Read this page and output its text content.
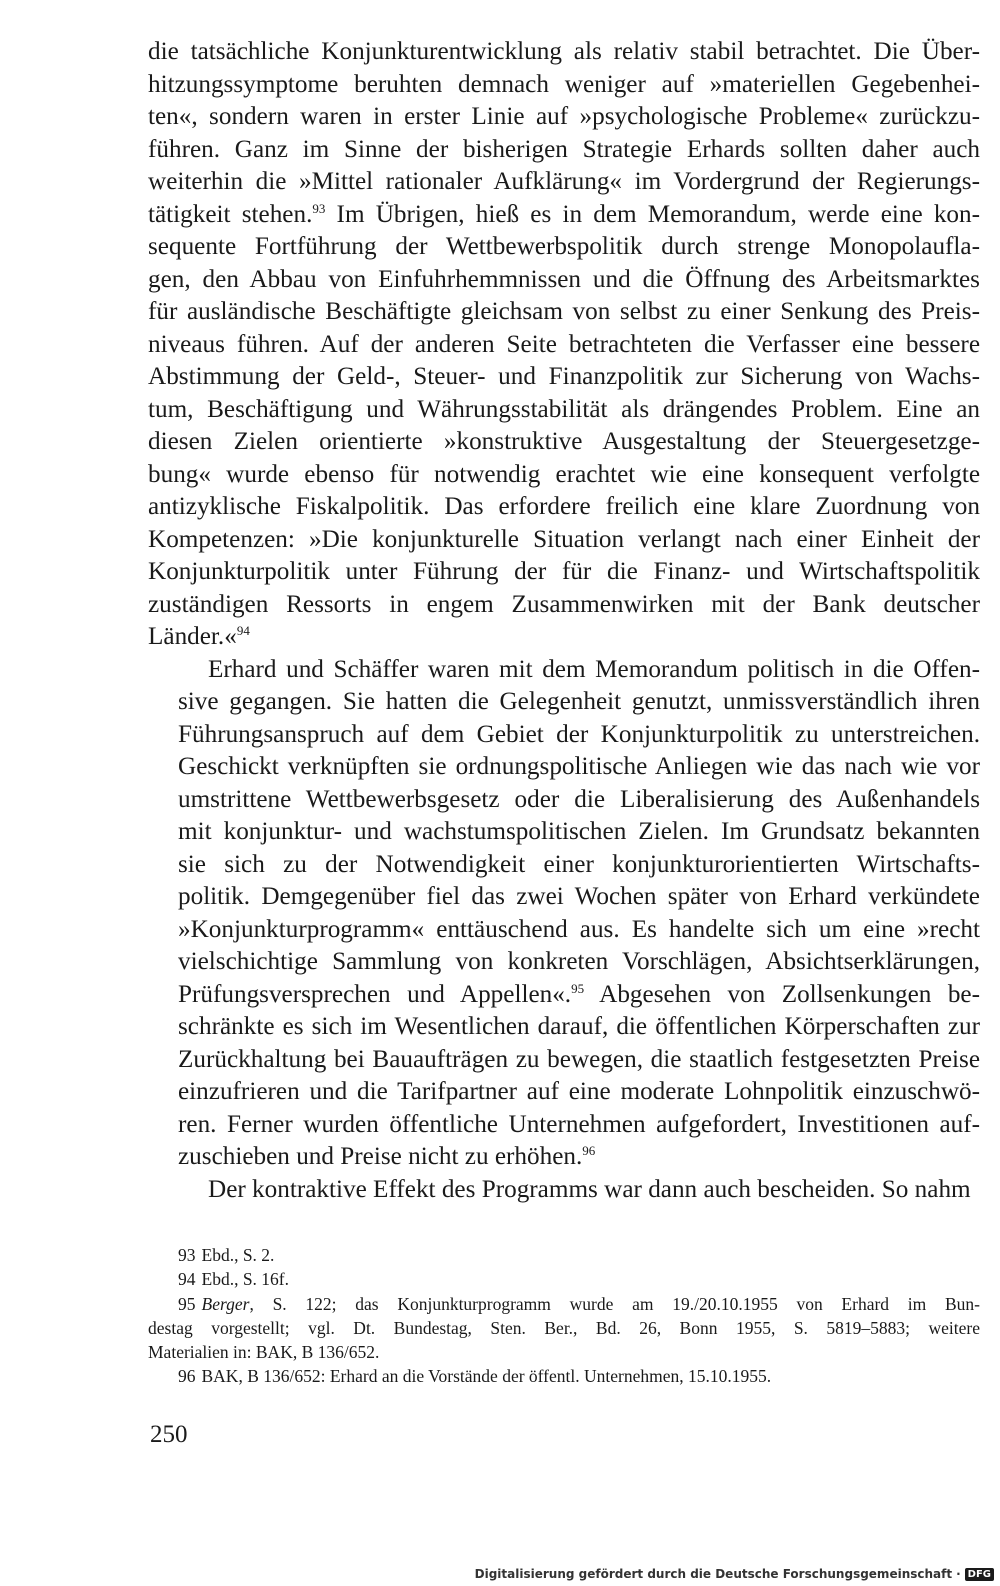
die tatsächliche Konjunkturentwicklung als relativ stabil betrachtet. Die Über-
hitzungssymptome beruhten demnach weniger auf »materiellen Gegebenhei-
ten«, sondern waren in erster Linie auf »psychologische Probleme« zurückzu-
führen. Ganz im Sinne der bisherigen Strategie Erhards sollten daher auch
weiterhin die »Mittel rationaler Aufklärung« im Vordergrund der Regierungs-
tätigkeit stehen.$^{93}$ Im Übrigen, hieß es in dem Memorandum, werde eine kon-
sequente Fortführung der Wettbewerbspolitik durch strenge Monopolaufla-
gen, den Abbau von Einfuhrhemmnissen und die Öffnung des Arbeitsmarktes
für ausländische Beschäftigte gleichsam von selbst zu einer Senkung des Preis-
niveaus führen. Auf der anderen Seite betrachteten die Verfasser eine bessere
Abstimmung der Geld-, Steuer- und Finanzpolitik zur Sicherung von Wachs-
tum, Beschäftigung und Währungsstabilität als drängendes Problem. Eine an
diesen Zielen orientierte »konstruktive Ausgestaltung der Steuergesetzge-
bung« wurde ebenso für notwendig erachtet wie eine konsequent verfolgte
antizyklische Fiskalpolitik. Das erfordere freilich eine klare Zuordnung von
Kompetenzen: »Die konjunkturelle Situation verlangt nach einer Einheit der
Konjunkturpolitik unter Führung der für die Finanz- und Wirtschaftspolitik
zuständigen Ressorts in engem Zusammenwirken mit der Bank deutscher
Länder.«$^{94}$
Erhard und Schäffer waren mit dem Memorandum politisch in die Offen-
sive gegangen. Sie hatten die Gelegenheit genutzt, unmissverständlich ihren
Führungsanspruch auf dem Gebiet der Konjunkturpolitik zu unterstreichen.
Geschickt verknüpften sie ordnungspolitische Anliegen wie das nach wie vor
umstrittene Wettbewerbsgesetz oder die Liberalisierung des Außenhandels
mit konjunktur- und wachstumspolitischen Zielen. Im Grundsatz bekannten
sie sich zu der Notwendigkeit einer konjunkturorientierten Wirtschafts-
politik. Demgegenüber fiel das zwei Wochen später von Erhard verkündete
»Konjunkturprogramm« enttäuschend aus. Es handelte sich um eine »recht
vielschichtige Sammlung von konkreten Vorschlägen, Absichtserklärungen,
Prüfungsversprechen und Appellen«.$^{95}$ Abgesehen von Zollsenkungen be-
schränkte es sich im Wesentlichen darauf, die öffentlichen Körperschaften zur
Zurückhaltung bei Bauaufträgen zu bewegen, die staatlich festgesetzten Preise
einzufrieren und die Tarifpartner auf eine moderate Lohnpolitik einzuschwö-
ren. Ferner wurden öffentliche Unternehmen aufgefordert, Investitionen auf-
zuschieben und Preise nicht zu erhöhen.$^{96}$
Der kontraktive Effekt des Programms war dann auch bescheiden. So nahm
93 Ebd., S. 2.
94 Ebd., S. 16f.
95 Berger, S. 122; das Konjunkturprogramm wurde am 19./20.10.1955 von Erhard im Bun-
destag vorgestellt; vgl. Dt. Bundestag, Sten. Ber., Bd. 26, Bonn 1955, S. 5819–5883; weitere
Materialien in: BAK, B 136/652.
96 BAK, B 136/652: Erhard an die Vorstände der öffentl. Unternehmen, 15.10.1955.
250
Digitalisierung gefördert durch die Deutsche Forschungsgemeinschaft · DFG
